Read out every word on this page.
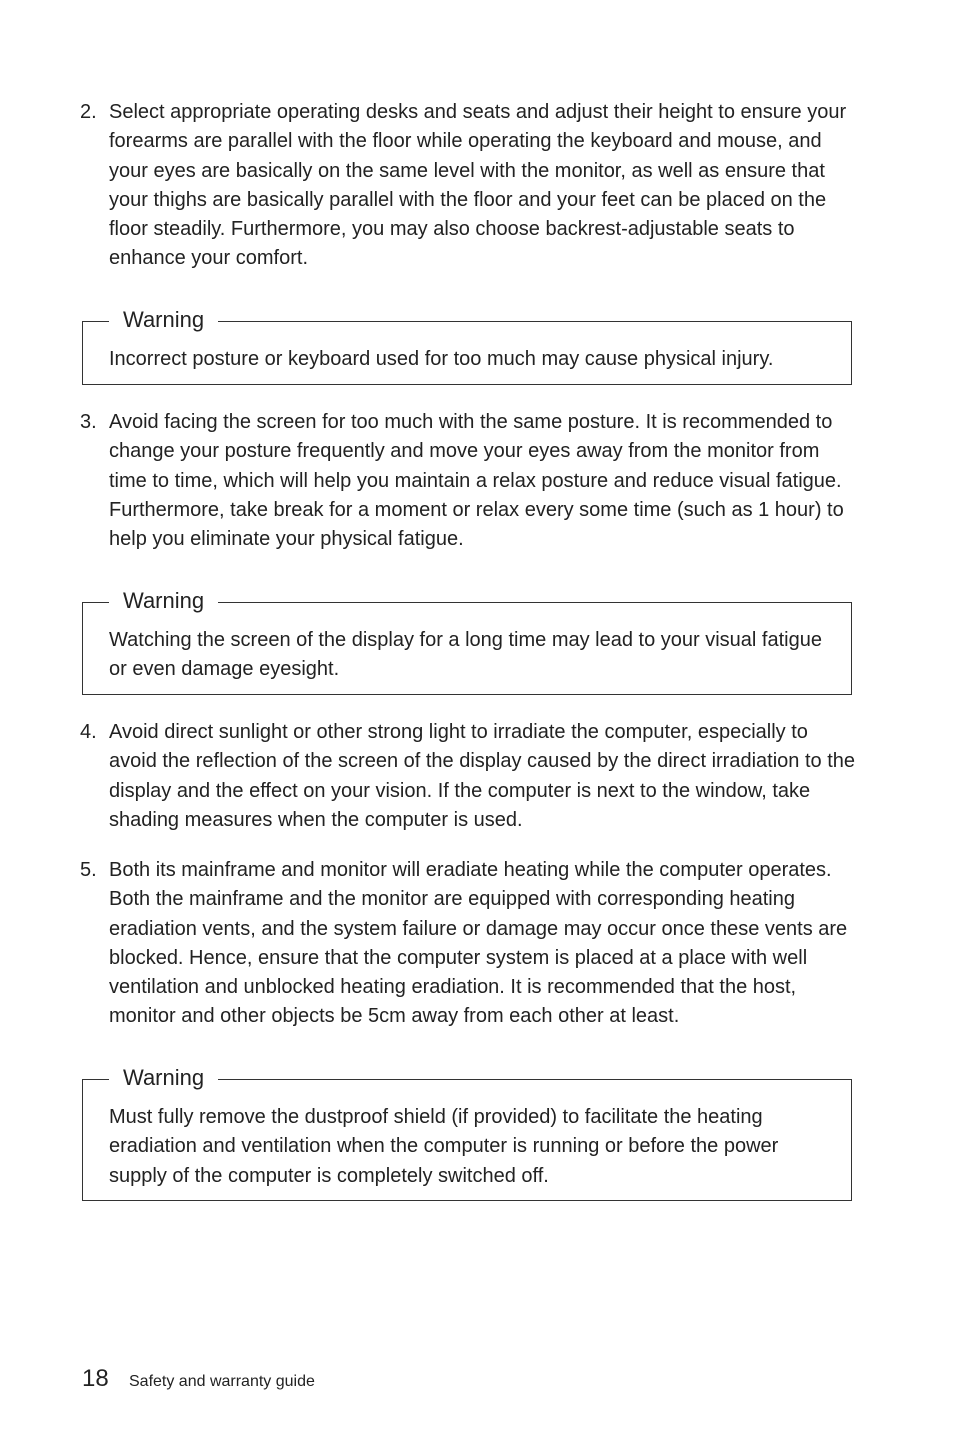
2. Select appropriate operating desks and seats and adjust their height to ensure your forearms are parallel with the floor while operating the keyboard and mouse, and your eyes are basically on the same level with the monitor, as well as ensure that your thighs are basically parallel with the floor and your feet can be placed on the floor steadily. Furthermore, you may also choose backrest-adjustable seats to enhance your comfort.
Warning
Incorrect posture or keyboard used for too much may cause physical injury.
3. Avoid facing the screen for too much with the same posture. It is recommended to change your posture frequently and move your eyes away from the monitor from time to time, which will help you maintain a relax posture and reduce visual fatigue. Furthermore, take break for a moment or relax every some time (such as 1 hour) to help you eliminate your physical fatigue.
Warning
Watching the screen of the display for a long time may lead to your visual fatigue or even damage eyesight.
4. Avoid direct sunlight or other strong light to irradiate the computer, especially to avoid the reflection of the screen of the display caused by the direct irradiation to the display and the effect on your vision. If the computer is next to the window, take shading measures when the computer is used.
5. Both its mainframe and monitor will eradiate heating while the computer operates. Both the mainframe and the monitor are equipped with corresponding heating eradiation vents, and the system failure or damage may occur once these vents are blocked. Hence, ensure that the computer system is placed at a place with well ventilation and unblocked heating eradiation. It is recommended that the host, monitor and other objects be 5cm away from each other at least.
Warning
Must fully remove the dustproof shield (if provided) to facilitate the heating eradiation and ventilation when the computer is running or before the power supply of the computer is completely switched off.
18 Safety and warranty guide
